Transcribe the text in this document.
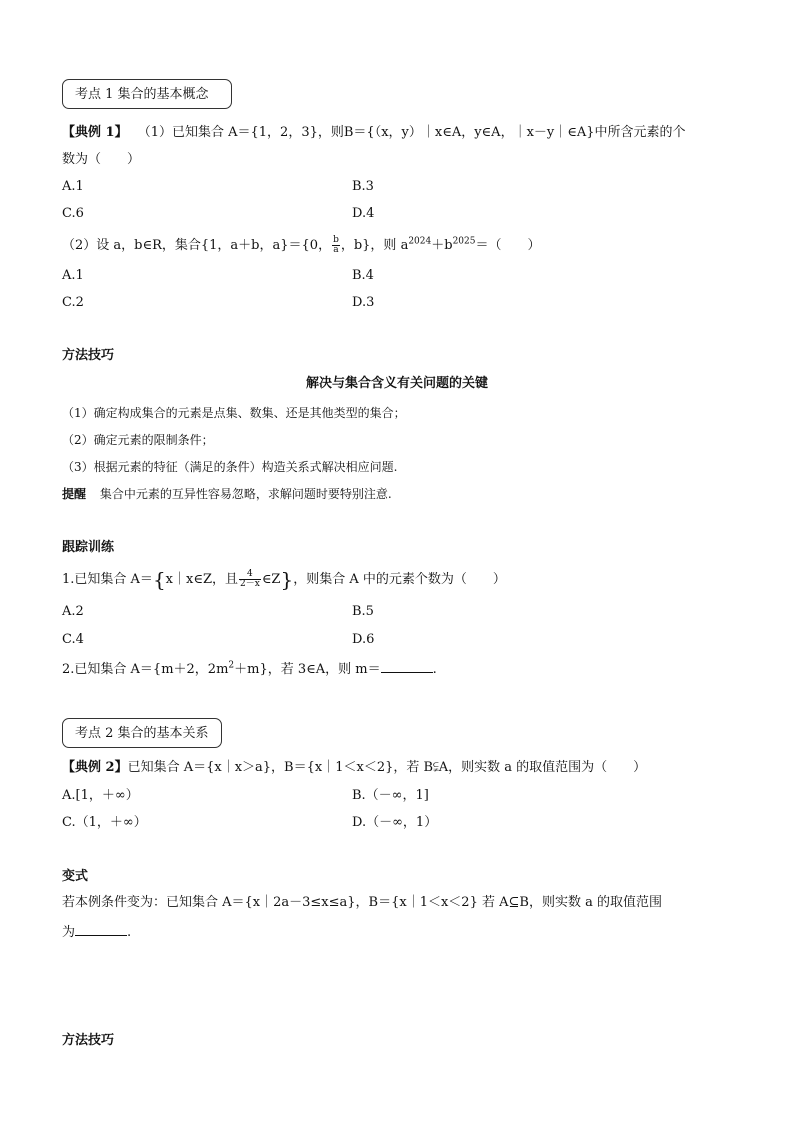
考点 1 集合的基本概念
【典例 1】 （1）已知集合 A＝{1，2，3}，则B＝{（x，y）｜x∈A，y∈A，｜x－y｜∈A}中所含元素的个
数为（　　）
A.1	B.3
C.6	D.4
（2）设 a，b∈R，集合{1，a＋b，a}＝{0， $\frac{b}{a}$ ，b}，则 $a^{2024}+b^{2025}=$（　　）
A.1	B.4
C.2	D.3
方法技巧
解决与集合含义有关问题的关键
（1）确定构成集合的元素是点集、数集、还是其他类型的集合；
（2）确定元素的限制条件；
（3）根据元素的特征（满足的条件）构造关系式解决相应问题.
提醒 集合中元素的互异性容易忽略，求解问题时要特别注意.
跟踪训练
1.已知集合 A＝{x｜x∈Z，且 $\frac{4}{2-x}$ ∈Z}，则集合 A 中的元素个数为（　　）
A.2	B.5
C.4	D.6
2.已知集合 A＝{m＋2，$2m^2+m$}，若 3∈A，则 m＝	.
考点 2 集合的基本关系
【典例 2】已知集合 A＝{x｜x＞a}，B＝{x｜1＜x＜2}，若 B⫋A，则实数 a 的取值范围为（　　）
A.[1，＋∞）	B.（－∞，1]
C.（1，＋∞）	D.（－∞，1）
变式
若本例条件变为：已知集合 A＝{x｜2a－3≤x≤a}，B＝{x｜1＜x＜2} 若 A⊆B，则实数 a 的取值范围
为	.
方法技巧
